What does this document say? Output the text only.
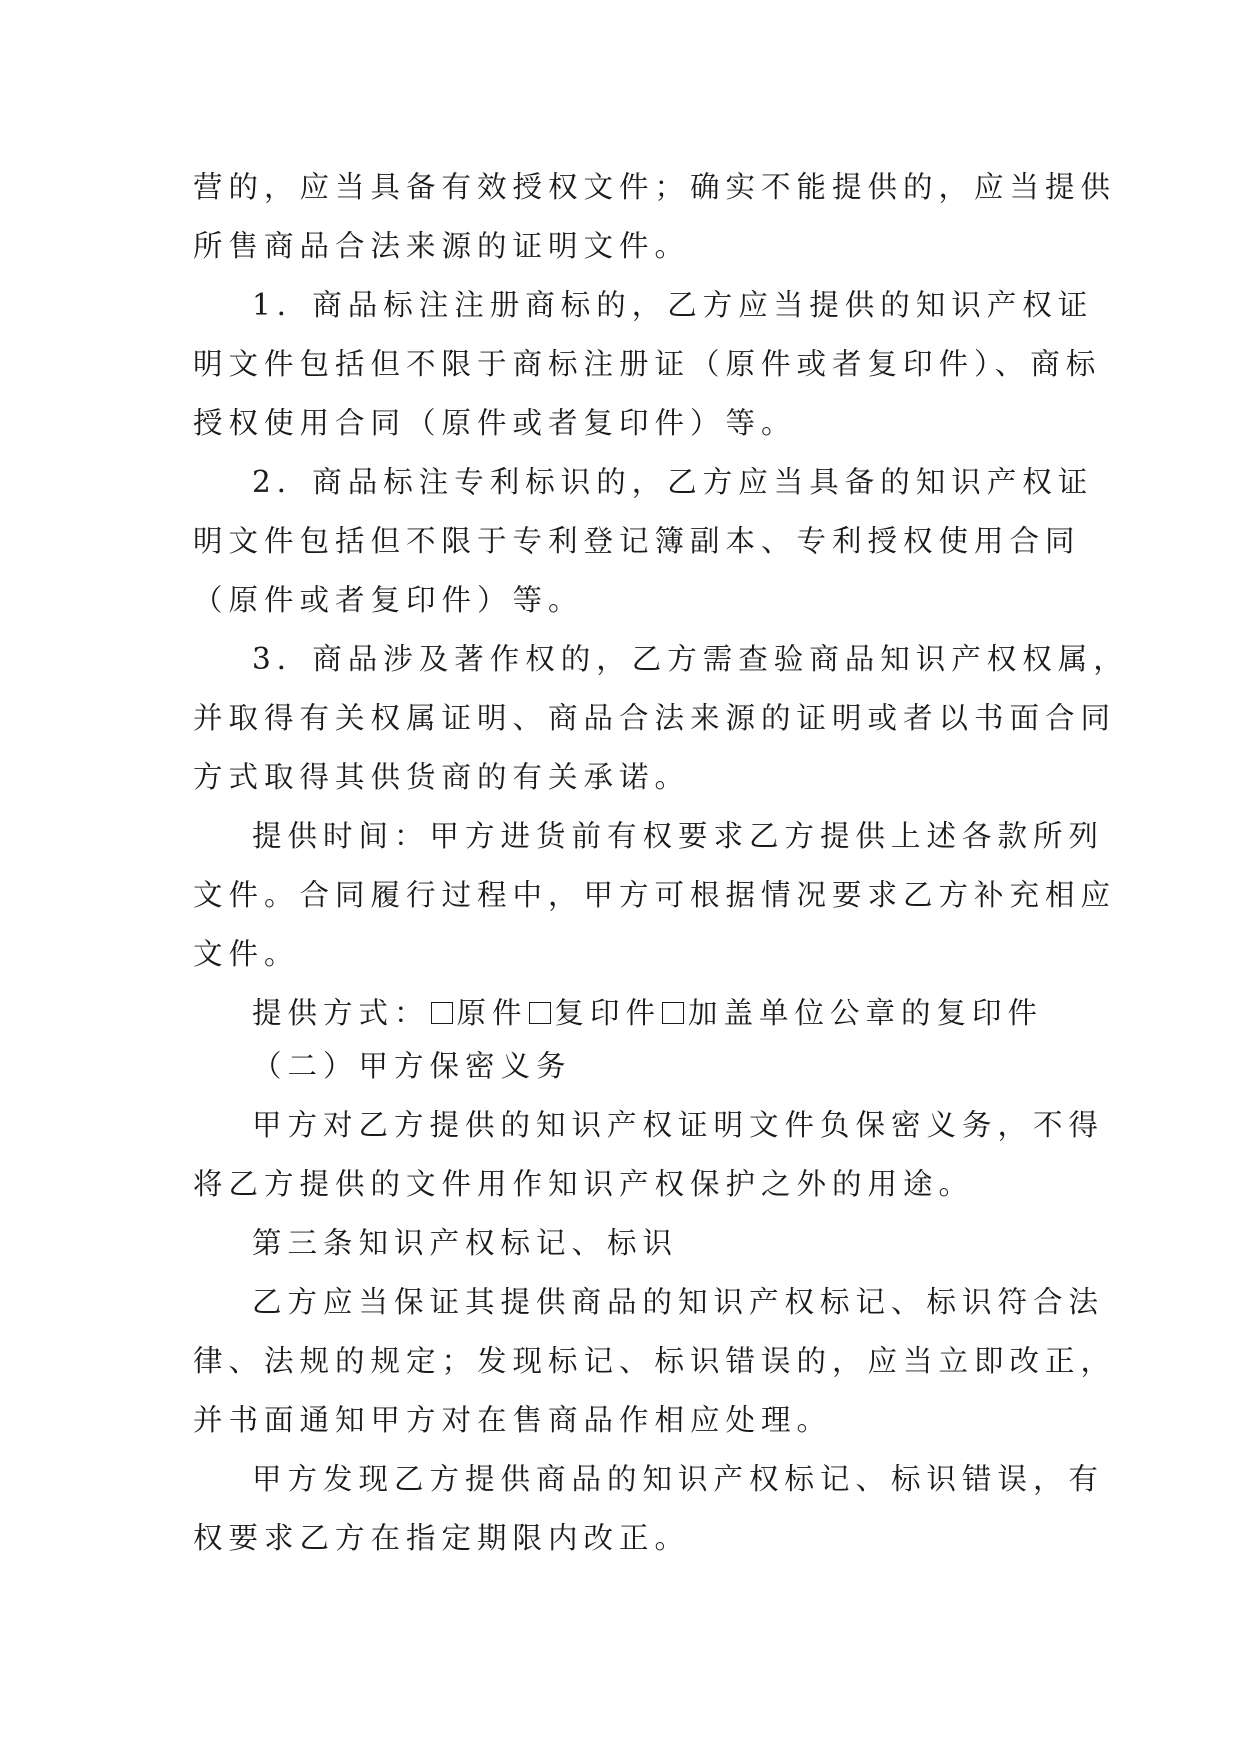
营的，应当具备有效授权文件；确实不能提供的，应当提供
所售商品合法来源的证明文件。
1．商品标注注册商标的，乙方应当提供的知识产权证
明文件包括但不限于商标注册证（原件或者复印件）、商标
授权使用合同（原件或者复印件）等。
2．商品标注专利标识的，乙方应当具备的知识产权证
明文件包括但不限于专利登记簿副本、专利授权使用合同
（原件或者复印件）等。
3．商品涉及著作权的，乙方需查验商品知识产权权属，
并取得有关权属证明、商品合法来源的证明或者以书面合同
方式取得其供货商的有关承诺。
提供时间：甲方进货前有权要求乙方提供上述各款所列
文件。合同履行过程中，甲方可根据情况要求乙方补充相应
文件。
提供方式： 原件 复印件 加盖单位公章的复印件
（二）甲方保密义务
甲方对乙方提供的知识产权证明文件负保密义务，不得
将乙方提供的文件用作知识产权保护之外的用途。
第三条知识产权标记、标识
乙方应当保证其提供商品的知识产权标记、标识符合法
律、法规的规定；发现标记、标识错误的，应当立即改正，
并书面通知甲方对在售商品作相应处理。
甲方发现乙方提供商品的知识产权标记、标识错误，有
权要求乙方在指定期限内改正。
